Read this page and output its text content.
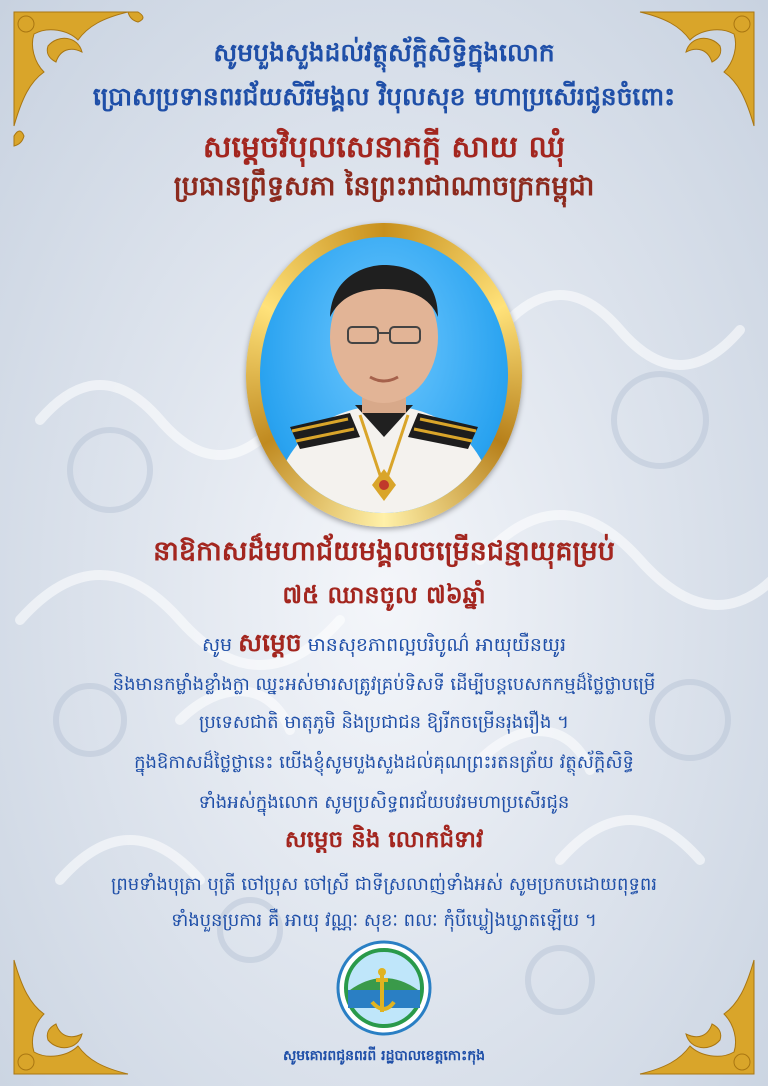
សូមបួងសួងដល់វត្ថុស័ក្តិសិទ្ធិក្នុងលោក
ប្រោសប្រទានពរជ័យសិរីមង្គល វិបុលសុខ មហាប្រសើរជូនចំពោះ
សម្តេចវិបុលសេនាភក្តី សាយ ឈុំ
ប្រធានព្រឹទ្ធសភា នៃព្រះរាជាណាចក្រកម្ពុជា
នាឱកាសដ៏មហាជ័យមង្គលចម្រើនជន្មាយុគម្រប់
៧៥ ឈានចូល ៧៦ឆ្នាំ
សូម សម្តេច មានសុខភាពល្អបរិបូណ៌ អាយុយឺនយូរ
និងមានកម្លាំងខ្លាំងក្លា ឈ្នះអស់មារសត្រូវគ្រប់ទិសទី ដើម្បីបន្តបេសកកម្មដ៏ថ្លៃថ្លាបម្រើ
ប្រទេសជាតិ មាតុភូមិ និងប្រជាជន ឱ្យរីកចម្រើនរុងរឿង ។
ក្នុងឱកាសដ៏ថ្លៃថ្លានេះ យើងខ្ញុំសូមបួងសួងដល់គុណព្រះរតនត្រ័យ វត្ថុស័ក្តិសិទ្ធិ
ទាំងអស់ក្នុងលោក សូមប្រសិទ្ធពរជ័យបវរមហាប្រសើរជូន
សម្តេច និង លោកជំទាវ
ព្រមទាំងបុត្រា បុត្រី ចៅប្រុស ចៅស្រី ជាទីស្រលាញ់ទាំងអស់ សូមប្រកបដោយពុទ្ធពរ
ទាំងបួនប្រការ គឺ អាយុ វណ្ណៈ សុខៈ ពលៈ កុំបីឃ្លៀងឃ្លាតឡើយ ។
សូមគោរពជូនពរពី រដ្ឋបាលខេត្តកោះកុង
